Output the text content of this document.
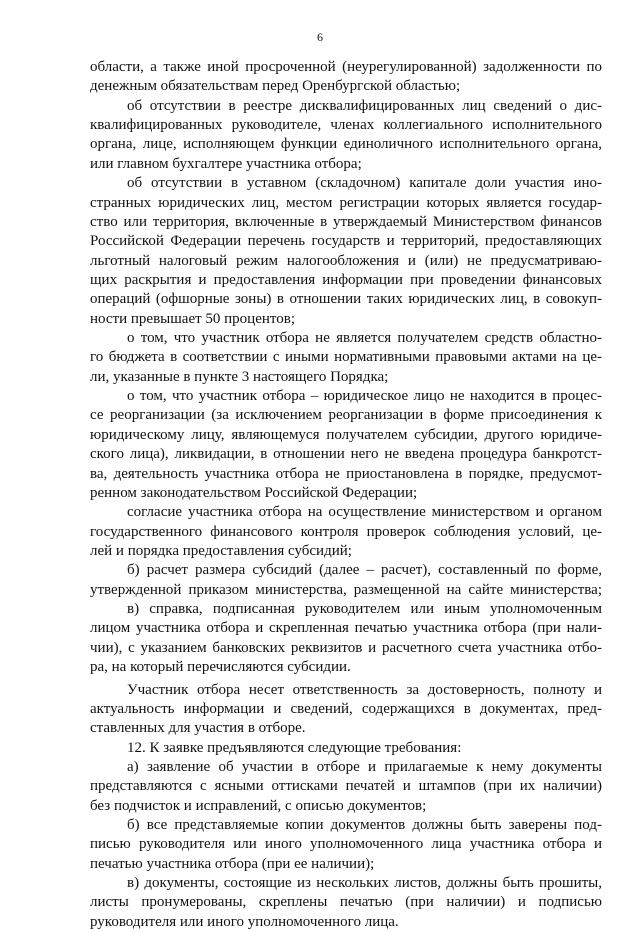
6
области, а также иной просроченной (неурегулированной) задолженности по
денежным обязательствам перед Оренбургской областью;
об отсутствии в реестре дисквалифицированных лиц сведений о дис-
квалифицированных руководителе, членах коллегиального исполнительного
органа, лице, исполняющем функции единоличного исполнительного органа,
или главном бухгалтере участника отбора;
об отсутствии в уставном (складочном) капитале доли участия ино-
странных юридических лиц, местом регистрации которых является государ-
ство или территория, включенные в утверждаемый Министерством финансов
Российской Федерации перечень государств и территорий, предоставляющих
льготный налоговый режим налогообложения и (или) не предусматриваю-
щих раскрытия и предоставления информации при проведении финансовых
операций (офшорные зоны) в отношении таких юридических лиц, в совокуп-
ности превышает 50 процентов;
о том, что участник отбора не является получателем средств областно-
го бюджета в соответствии с иными нормативными правовыми актами на це-
ли, указанные в пункте 3 настоящего Порядка;
о том, что участник отбора – юридическое лицо не находится в процес-
се реорганизации (за исключением реорганизации в форме присоединения к
юридическому лицу, являющемуся получателем субсидии, другого юридиче-
ского лица), ликвидации, в отношении него не введена процедура банкротст-
ва, деятельность участника отбора не приостановлена в порядке, предусмот-
ренном законодательством Российской Федерации;
согласие участника отбора на осуществление министерством и органом
государственного финансового контроля проверок соблюдения условий, це-
лей и порядка предоставления субсидий;
б) расчет размера субсидий (далее – расчет), составленный по форме,
утвержденной приказом министерства, размещенной на сайте министерства;
в) справка, подписанная руководителем или иным уполномоченным
лицом участника отбора и скрепленная печатью участника отбора (при нали-
чии), с указанием банковских реквизитов и расчетного счета участника отбо-
ра, на который перечисляются субсидии.
Участник отбора несет ответственность за достоверность, полноту и
актуальность информации и сведений, содержащихся в документах, пред-
ставленных для участия в отборе.
12. К заявке предъявляются следующие требования:
а) заявление об участии в отборе и прилагаемые к нему документы
представляются с ясными оттисками печатей и штампов (при их наличии)
без подчисток и исправлений, с описью документов;
б) все представляемые копии документов должны быть заверены под-
писью руководителя или иного уполномоченного лица участника отбора и
печатью участника отбора (при ее наличии);
в) документы, состоящие из нескольких листов, должны быть прошиты,
листы пронумерованы, скреплены печатью (при наличии) и подписью
руководителя или иного уполномоченного лица.
